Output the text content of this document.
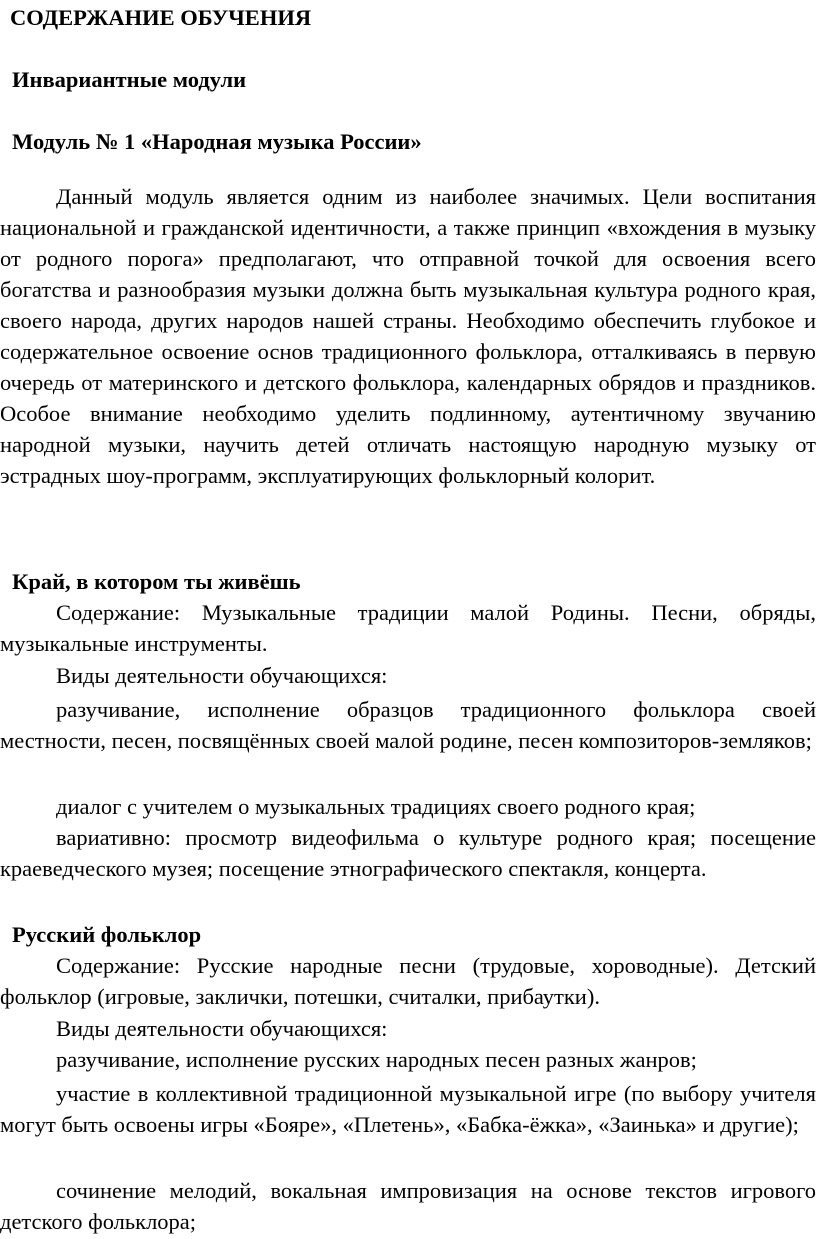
СОДЕРЖАНИЕ ОБУЧЕНИЯ
Инвариантные модули
Модуль № 1 «Народная музыка России»

Данный модуль является одним из наиболее значимых. Цели воспитания национальной и гражданской идентичности, а также принцип «вхождения в музыку от родного порога» предполагают, что отправной точкой для освоения всего богатства и разнообразия музыки должна быть музыкальная культура родного края, своего народа, других народов нашей страны. Необходимо обеспечить глубокое и содержательное освоение основ традиционного фольклора, отталкиваясь в первую очередь от материнского и детского фольклора, календарных обрядов и праздников. Особое внимание необходимо уделить подлинному, аутентичному звучанию народной музыки, научить детей отличать настоящую народную музыку от эстрадных шоу-программ, эксплуатирующих фольклорный колорит.

Край, в котором ты живёшь

Содержание: Музыкальные традиции малой Родины. Песни, обряды, музыкальные инструменты.

Виды деятельности обучающихся:

разучивание, исполнение образцов традиционного фольклора своей местности, песен, посвящённых своей малой родине, песен композиторов-земляков;

диалог с учителем о музыкальных традициях своего родного края;

вариативно: просмотр видеофильма о культуре родного края; посещение краеведческого музея; посещение этнографического спектакля, концерта.

Русский фольклор

Содержание: Русские народные песни (трудовые, хороводные). Детский фольклор (игровые, заклички, потешки, считалки, прибаутки).

Виды деятельности обучающихся:

разучивание, исполнение русских народных песен разных жанров;

участие в коллективной традиционной музыкальной игре (по выбору учителя могут быть освоены игры «Бояре», «Плетень», «Бабка-ёжка», «Заинька» и другие);

сочинение мелодий, вокальная импровизация на основе текстов игрового детского фольклора;
